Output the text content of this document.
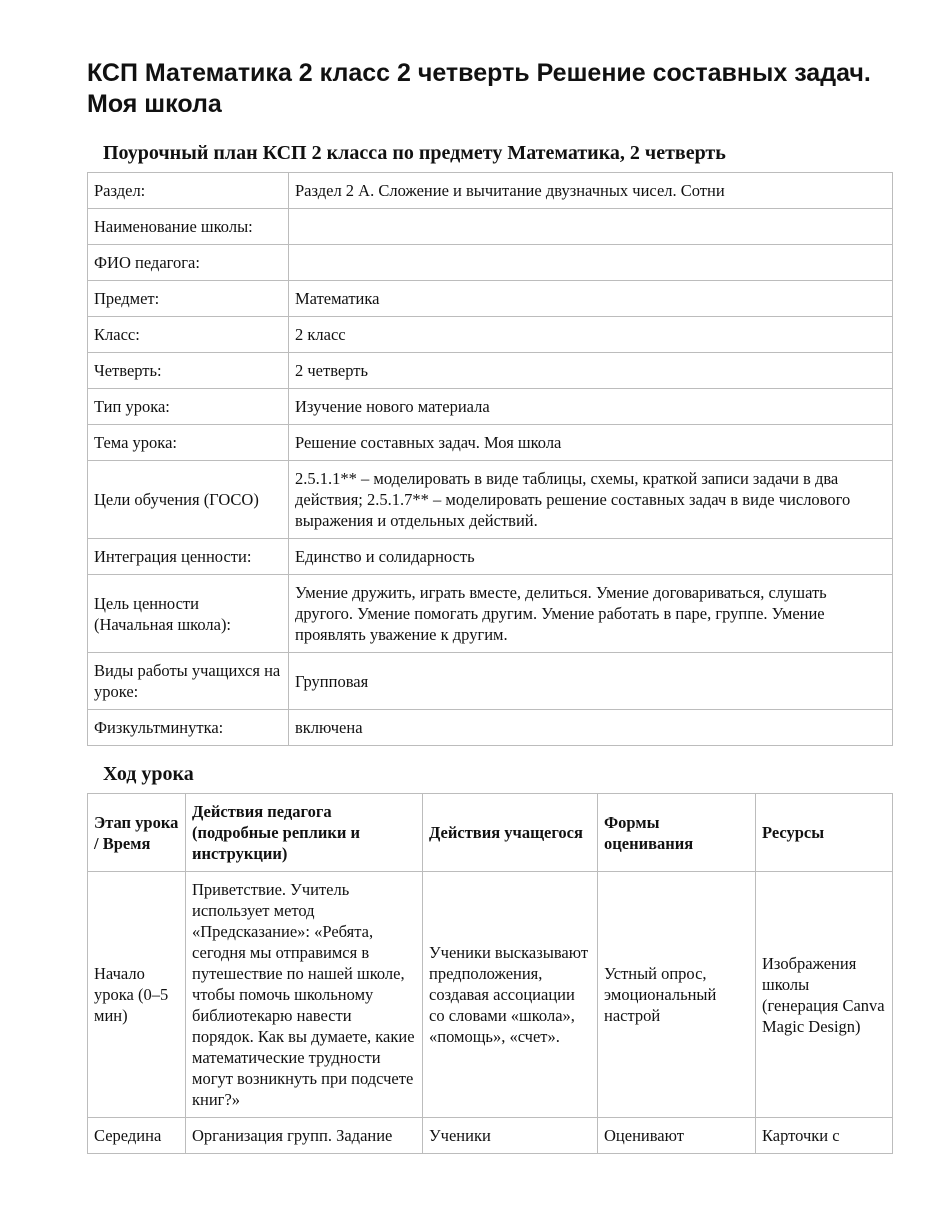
КСП Математика 2 класс 2 четверть Решение составных задач. Моя школа
Поурочный план КСП 2 класса по предмету Математика, 2 четверть
Раздел:	Раздел 2 А. Сложение и вычитание двузначных чисел. Сотни
Наименование школы:	
ФИО педагога:	
Предмет:	Математика
Класс:	2 класс
Четверть:	2 четверть
Тип урока:	Изучение нового материала
Тема урока:	Решение составных задач. Моя школа
Цели обучения (ГОСО)	2.5.1.1** – моделировать в виде таблицы, схемы, краткой записи задачи в два действия; 2.5.1.7** – моделировать решение составных задач в виде числового выражения и отдельных действий.
Интеграция ценности:	Единство и солидарность
Цель ценности (Начальная школа):	Умение дружить, играть вместе, делиться. Умение договариваться, слушать другого. Умение помогать другим. Умение работать в паре, группе. Умение проявлять уважение к другим.
Виды работы учащихся на уроке:	Групповая
Физкультминутка:	включена
Ход урока
Этап урока / Время	Действия педагога (подробные реплики и инструкции)	Действия учащегося	Формы оценивания	Ресурсы
Начало урока (0–5 мин)	Приветствие. Учитель использует метод «Предсказание»: «Ребята, сегодня мы отправимся в путешествие по нашей школе, чтобы помочь школьному библиотекарю навести порядок. Как вы думаете, какие математические трудности могут возникнуть при подсчете книг?»	Ученики высказывают предположения, создавая ассоциации со словами «школа», «помощь», «счет».	Устный опрос, эмоциональный настрой	Изображения школы (генерация Canva Magic Design)
Середина	Организация групп. Задание	Ученики	Оценивают	Карточки с
